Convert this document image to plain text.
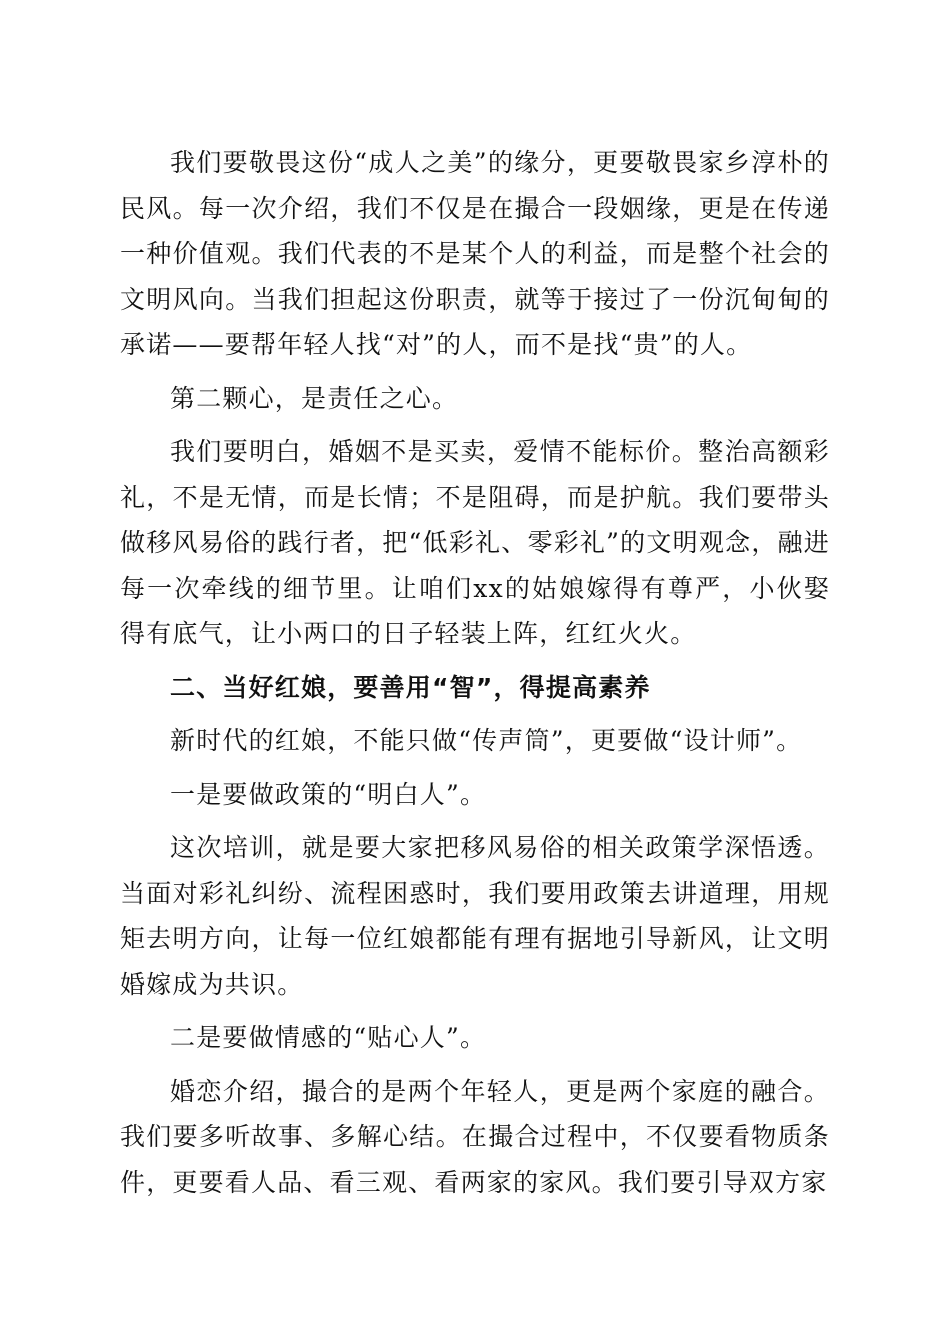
我们要敬畏这份“成人之美”的缘分，更要敬畏家乡淳朴的民风。每一次介绍，我们不仅是在撮合一段姻缘，更是在传递一种价值观。我们代表的不是某个人的利益，而是整个社会的文明风向。当我们担起这份职责，就等于接过了一份沉甸甸的承诺——要帮年轻人找“对”的人，而不是找“贵”的人。

第二颗心，是责任之心。

我们要明白，婚姻不是买卖，爱情不能标价。整治高额彩礼，不是无情，而是长情；不是阻碍，而是护航。我们要带头做移风易俗的践行者，把“低彩礼、零彩礼”的文明观念，融进每一次牵线的细节里。让咱们xx的姑娘嫁得有尊严，小伙娶得有底气，让小两口的日子轻装上阵，红红火火。

二、当好红娘，要善用“智”，得提高素养

新时代的红娘，不能只做“传声筒”，更要做“设计师”。

一是要做政策的“明白人”。

这次培训，就是要大家把移风易俗的相关政策学深悟透。当面对彩礼纠纷、流程困惑时，我们要用政策去讲道理，用规矩去明方向，让每一位红娘都能有理有据地引导新风，让文明婚嫁成为共识。

二是要做情感的“贴心人”。

婚恋介绍，撮合的是两个年轻人，更是两个家庭的融合。我们要多听故事、多解心结。在撮合过程中，不仅要看物质条件，更要看人品、看三观、看两家的家风。我们要引导双方家
